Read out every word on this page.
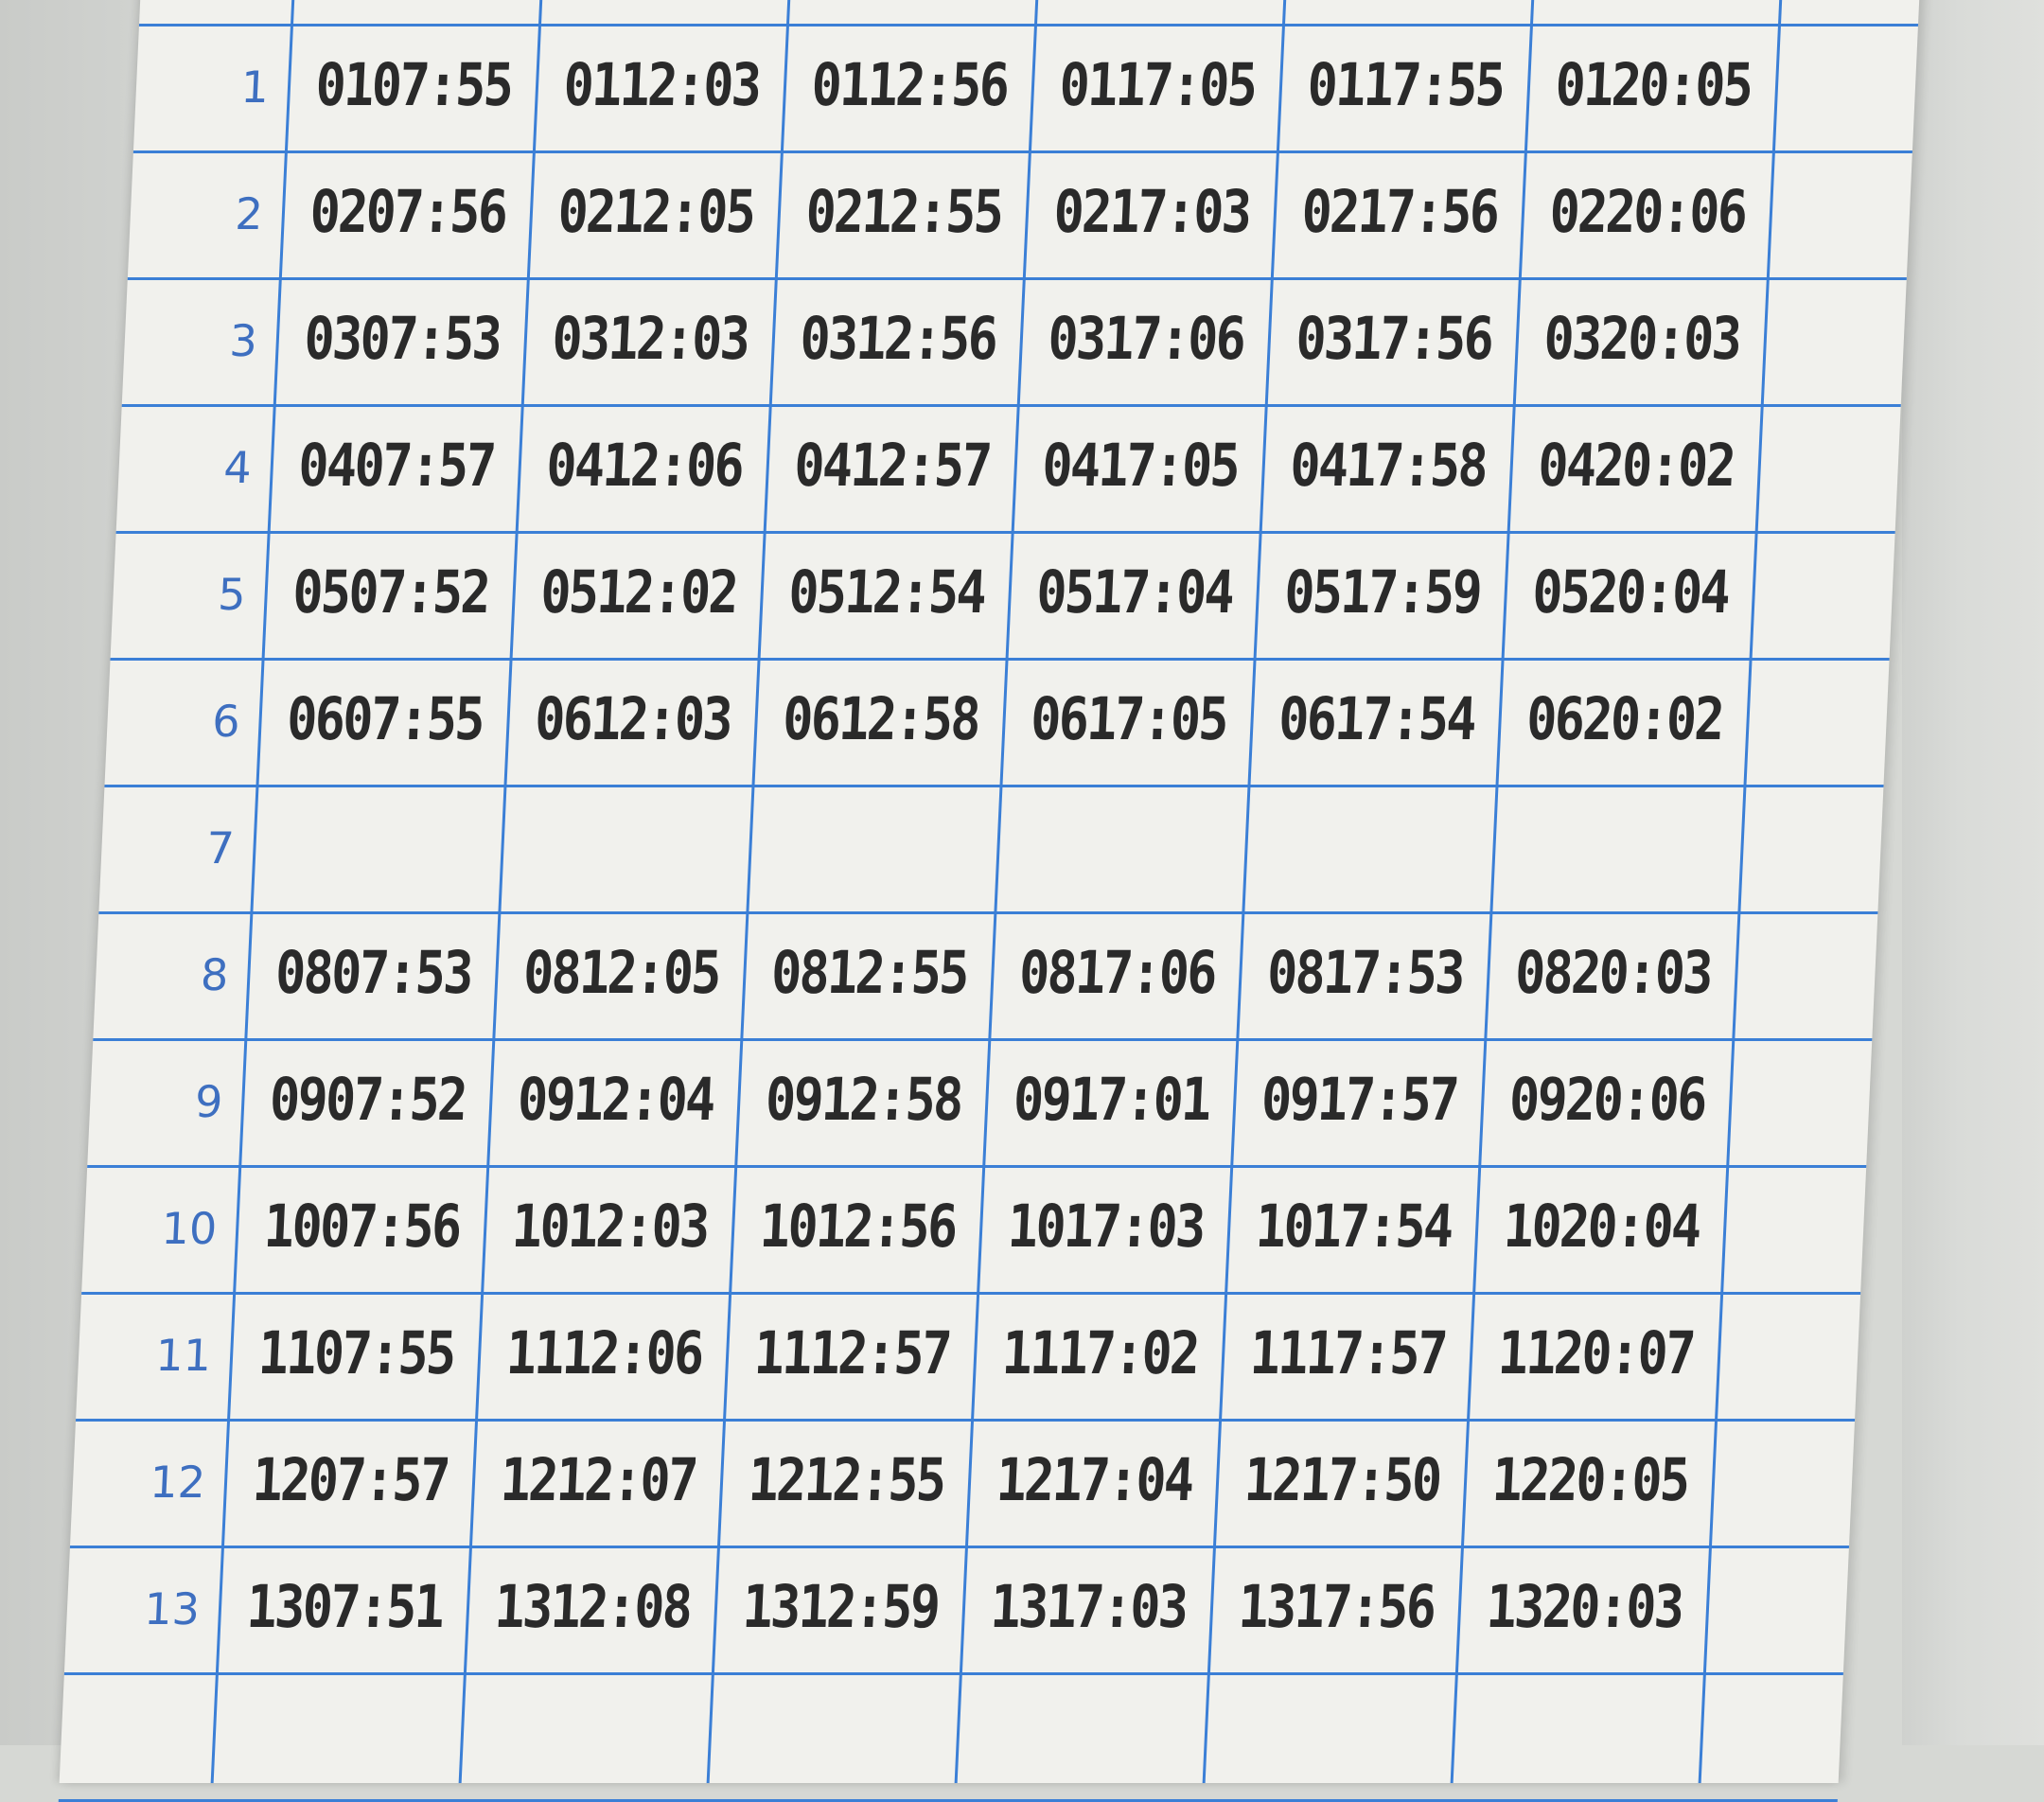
1 0107:55 0112:03 0112:56 0117:05 0117:55 0120:05
2 0207:56 0212:05 0212:55 0217:03 0217:56 0220:06
3 0307:53 0312:03 0312:56 0317:06 0317:56 0320:03
4 0407:57 0412:06 0412:57 0417:05 0417:58 0420:02
5 0507:52 0512:02 0512:54 0517:04 0517:59 0520:04
6 0607:55 0612:03 0612:58 0617:05 0617:54 0620:02
7
8 0807:53 0812:05 0812:55 0817:06 0817:53 0820:03
9 0907:52 0912:04 0912:58 0917:01 0917:57 0920:06
10 1007:56 1012:03 1012:56 1017:03 1017:54 1020:04
11 1107:55 1112:06 1112:57 1117:02 1117:57 1120:07
12 1207:57 1212:07 1212:55 1217:04 1217:50 1220:05
13 1307:51 1312:08 1312:59 1317:03 1317:56 1320:03
